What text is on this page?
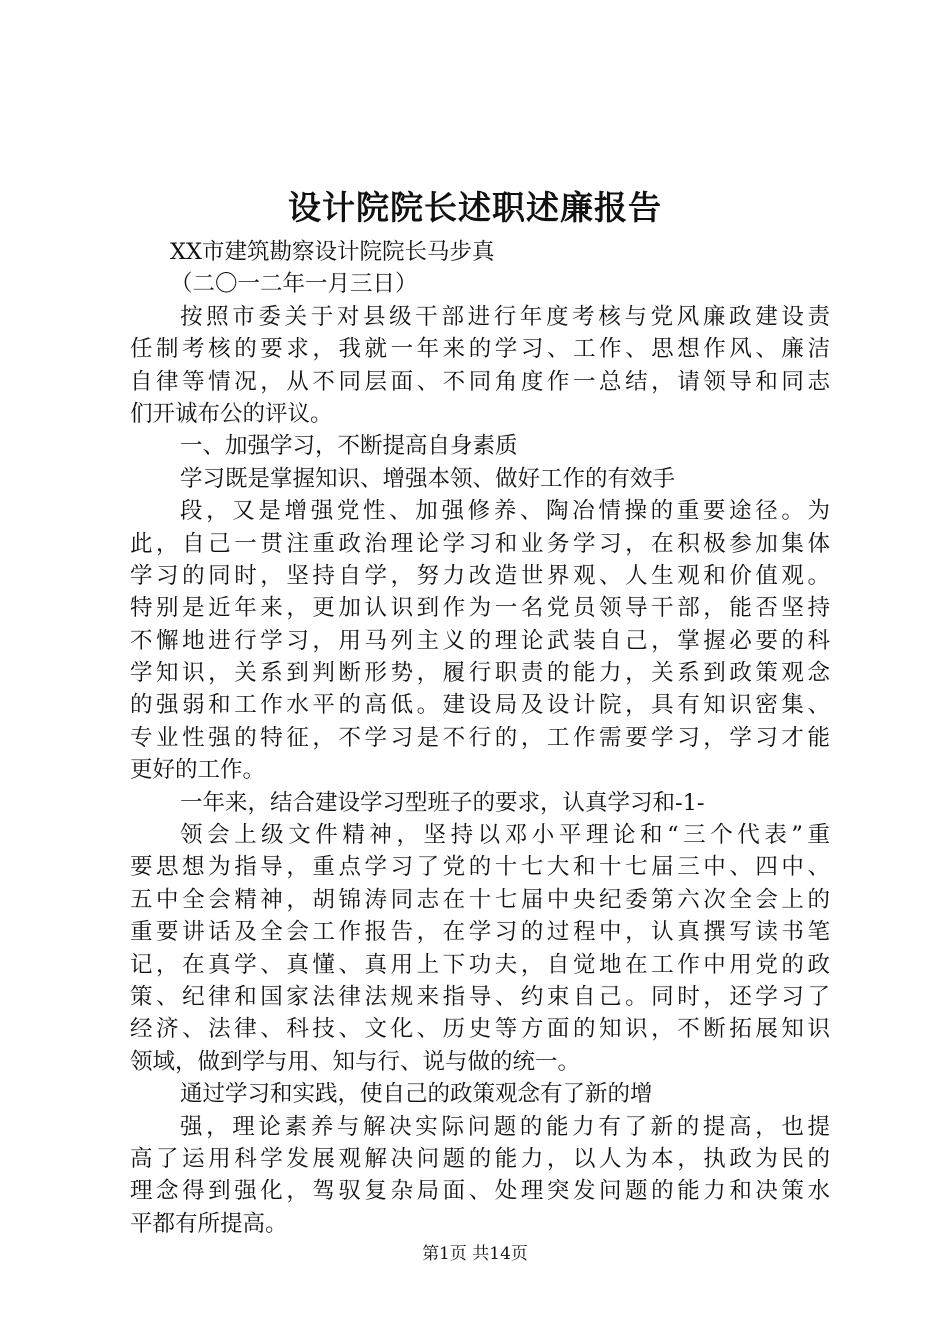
设计院院长述职述廉报告
XX市建筑勘察设计院院长马步真
（二〇一二年一月三日）
按照市委关于对县级干部进行年度考核与党风廉政建设责
任制考核的要求，我就一年来的学习、工作、思想作风、廉洁
自律等情况，从不同层面、不同角度作一总结，请领导和同志
们开诚布公的评议。
一、加强学习，不断提高自身素质
学习既是掌握知识、增强本领、做好工作的有效手
段，又是增强党性、加强修养、陶冶情操的重要途径。为
此，自己一贯注重政治理论学习和业务学习，在积极参加集体
学习的同时，坚持自学，努力改造世界观、人生观和价值观。
特别是近年来，更加认识到作为一名党员领导干部，能否坚持
不懈地进行学习，用马列主义的理论武装自己，掌握必要的科
学知识，关系到判断形势，履行职责的能力，关系到政策观念
的强弱和工作水平的高低。建设局及设计院，具有知识密集、
专业性强的特征，不学习是不行的，工作需要学习，学习才能
更好的工作。
一年来，结合建设学习型班子的要求，认真学习和-1-
领会上级文件精神，坚持以邓小平理论和“三个代表”重
要思想为指导，重点学习了党的十七大和十七届三中、四中、
五中全会精神，胡锦涛同志在十七届中央纪委第六次全会上的
重要讲话及全会工作报告，在学习的过程中，认真撰写读书笔
记，在真学、真懂、真用上下功夫，自觉地在工作中用党的政
策、纪律和国家法律法规来指导、约束自己。同时，还学习了
经济、法律、科技、文化、历史等方面的知识，不断拓展知识
领域，做到学与用、知与行、说与做的统一。
通过学习和实践，使自己的政策观念有了新的增
强，理论素养与解决实际问题的能力有了新的提高，也提
高了运用科学发展观解决问题的能力，以人为本，执政为民的
理念得到强化，驾驭复杂局面、处理突发问题的能力和决策水
平都有所提高。
第1页 共14页
